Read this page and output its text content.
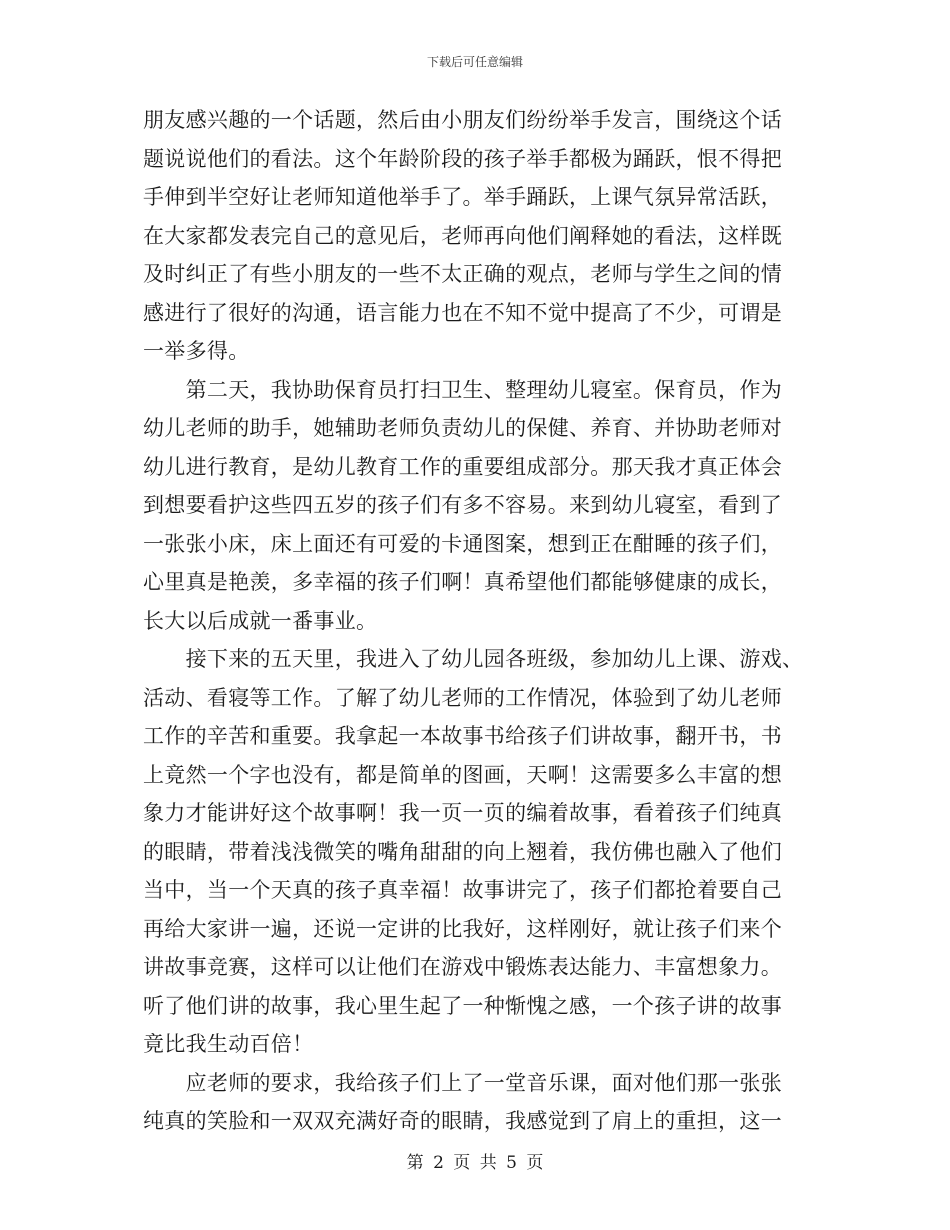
下载后可任意编辑
朋友感兴趣的一个话题，然后由小朋友们纷纷举手发言，围绕这个话
题说说他们的看法。这个年龄阶段的孩子举手都极为踊跃，恨不得把
手伸到半空好让老师知道他举手了。举手踊跃，上课气氛异常活跃，
在大家都发表完自己的意见后，老师再向他们阐释她的看法，这样既
及时纠正了有些小朋友的一些不太正确的观点，老师与学生之间的情
感进行了很好的沟通，语言能力也在不知不觉中提高了不少，可谓是
一举多得。
　　第二天，我协助保育员打扫卫生、整理幼儿寝室。保育员，作为
幼儿老师的助手，她辅助老师负责幼儿的保健、养育、并协助老师对
幼儿进行教育，是幼儿教育工作的重要组成部分。那天我才真正体会
到想要看护这些四五岁的孩子们有多不容易。来到幼儿寝室，看到了
一张张小床，床上面还有可爱的卡通图案，想到正在酣睡的孩子们，
心里真是艳羡，多幸福的孩子们啊！真希望他们都能够健康的成长，
长大以后成就一番事业。
　　接下来的五天里，我进入了幼儿园各班级，参加幼儿上课、游戏、
活动、看寝等工作。了解了幼儿老师的工作情况，体验到了幼儿老师
工作的辛苦和重要。我拿起一本故事书给孩子们讲故事，翻开书，书
上竟然一个字也没有，都是简单的图画，天啊！这需要多么丰富的想
象力才能讲好这个故事啊！我一页一页的编着故事，看着孩子们纯真
的眼睛，带着浅浅微笑的嘴角甜甜的向上翘着，我仿佛也融入了他们
当中，当一个天真的孩子真幸福！故事讲完了，孩子们都抢着要自己
再给大家讲一遍，还说一定讲的比我好，这样刚好，就让孩子们来个
讲故事竞赛，这样可以让他们在游戏中锻炼表达能力、丰富想象力。
听了他们讲的故事，我心里生起了一种惭愧之感，一个孩子讲的故事
竟比我生动百倍！
　　应老师的要求，我给孩子们上了一堂音乐课，面对他们那一张张
纯真的笑脸和一双双充满好奇的眼睛，我感觉到了肩上的重担，这一
第 2 页 共 5 页
